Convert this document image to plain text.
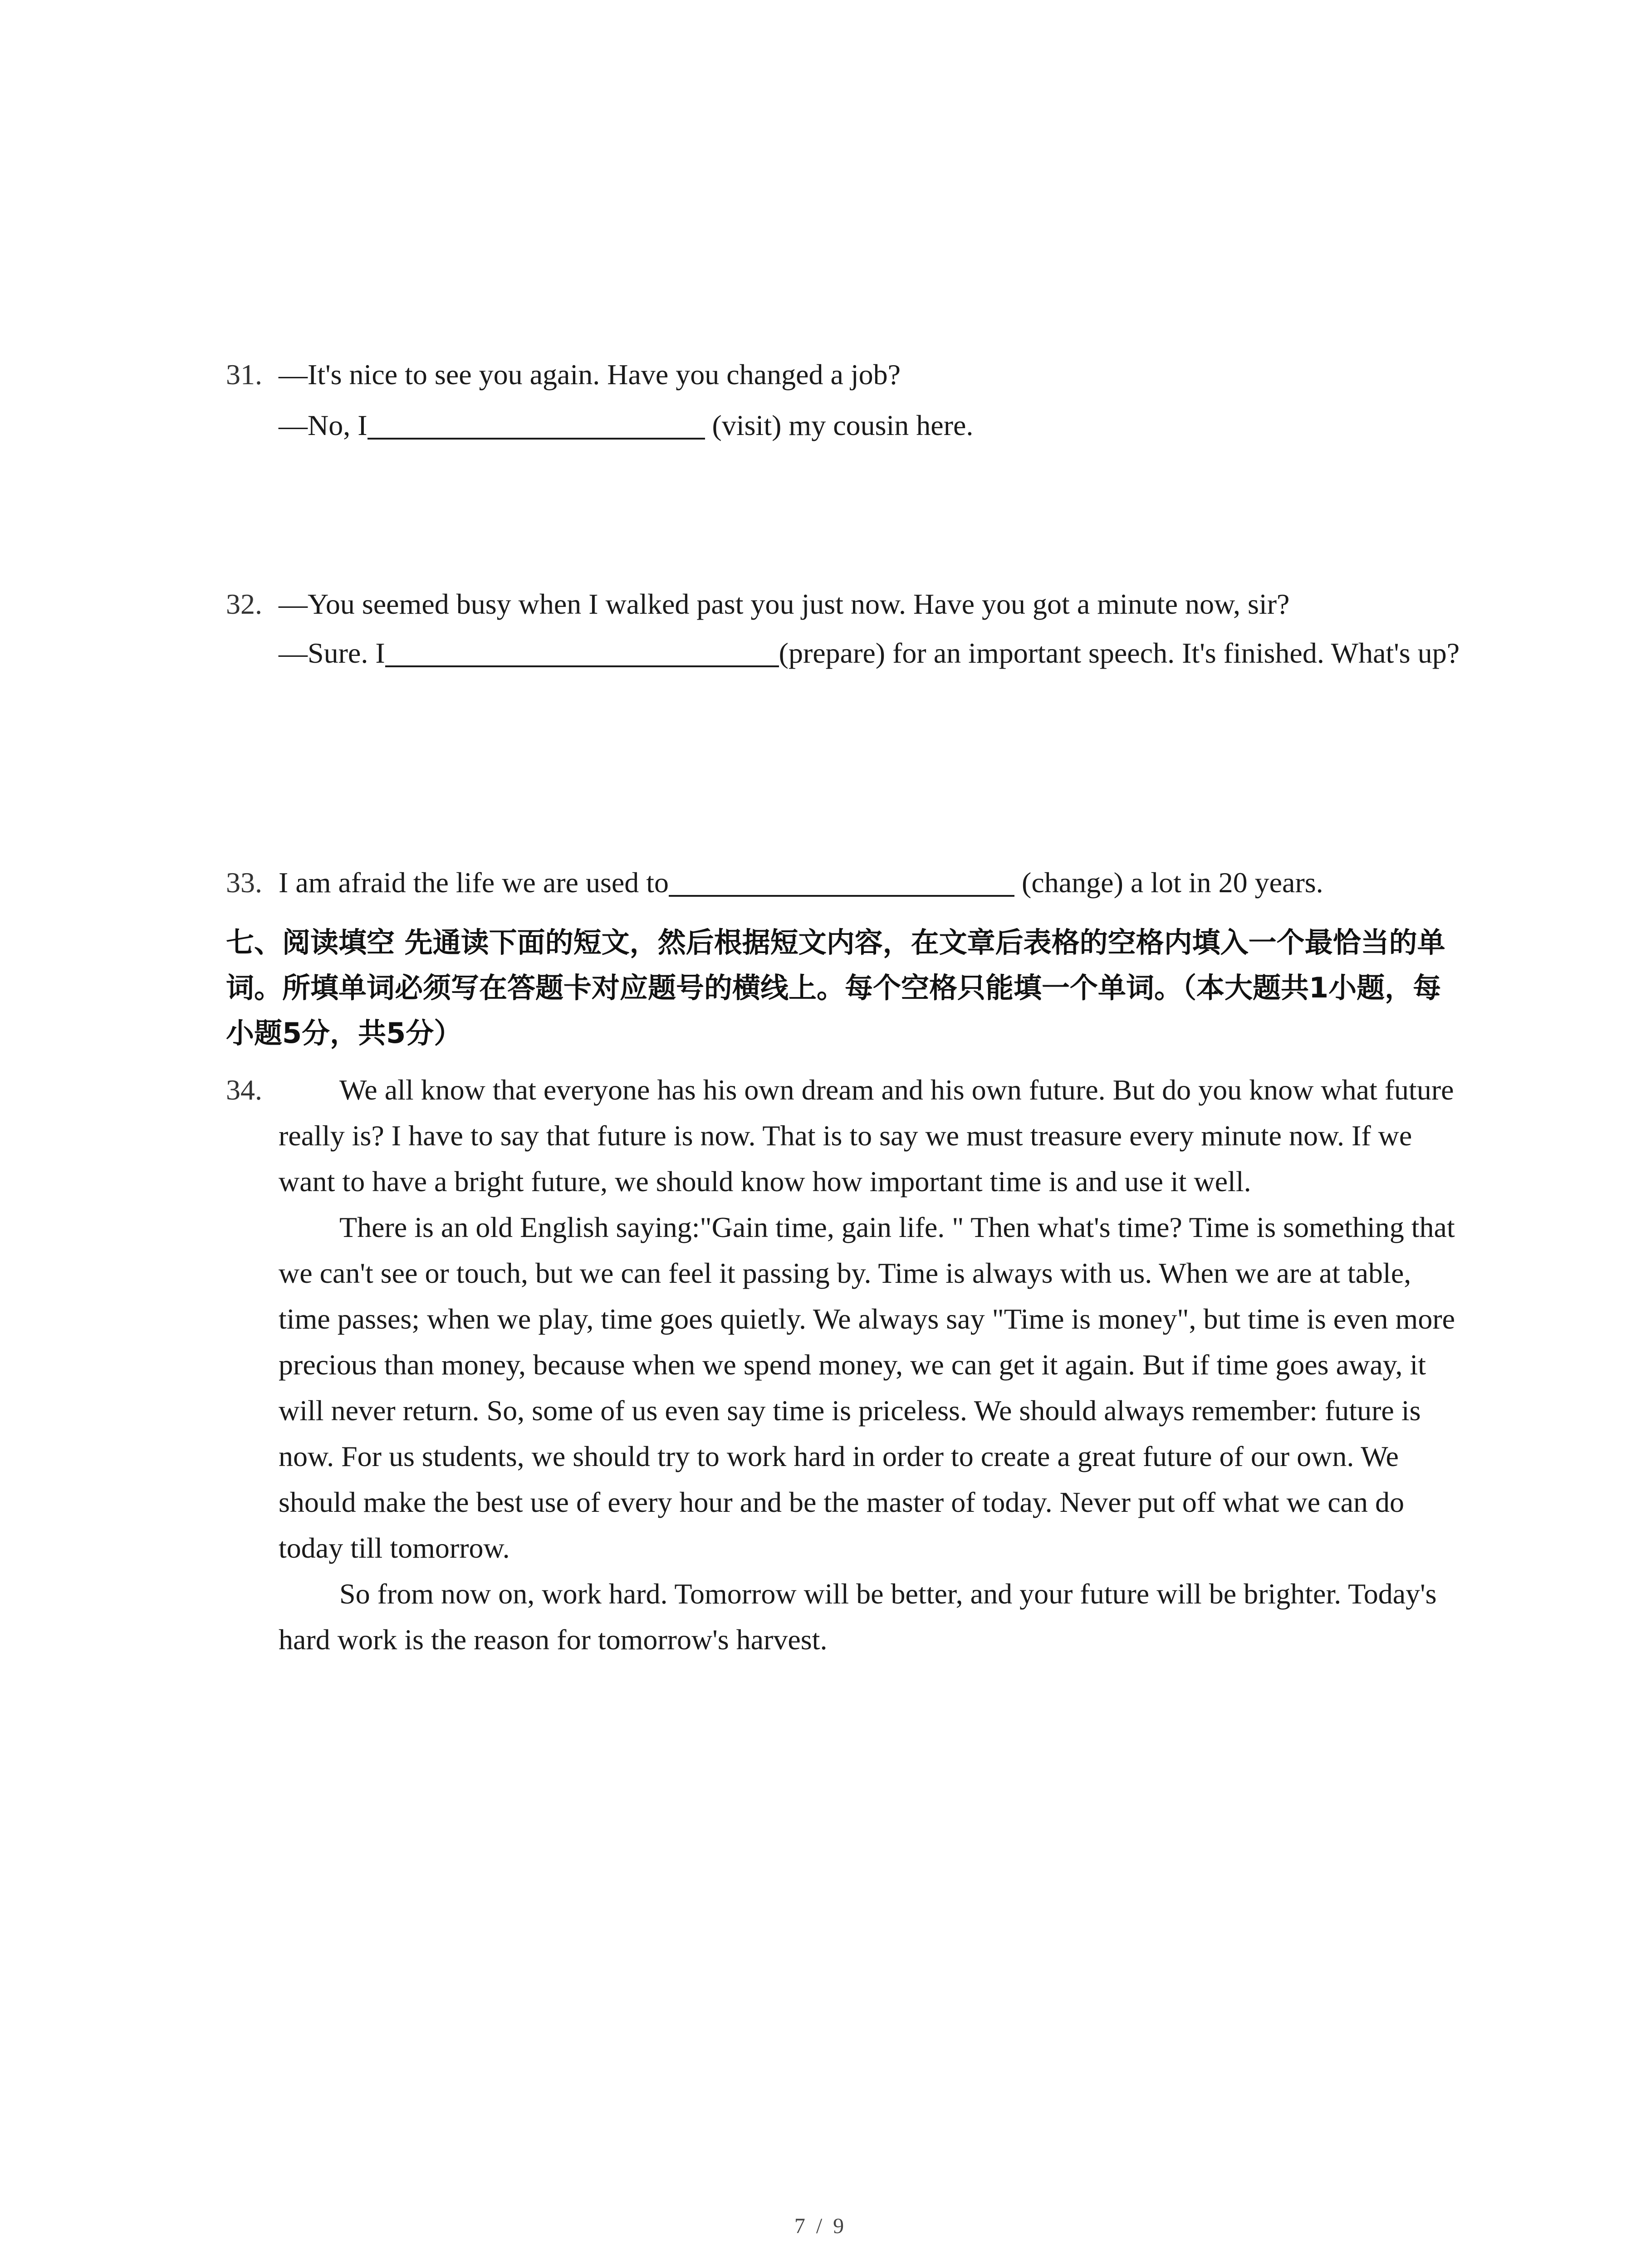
31. —It's nice to see you again. Have you changed a job?
—No, I	(visit) my cousin here.
32. —You seemed busy when I walked past you just now. Have you got a minute now, sir?
—Sure. I	(prepare) for an important speech. It's finished. What's up?
33. I am afraid the life we are used to	(change) a lot in 20 years.
七、阅读填空 先通读下面的短文，然后根据短文内容，在文章后表格的空格内填入一个最恰当的单词。所填单词必须写在答题卡对应题号的横线上。每个空格只能填一个单词。（本大题共1小题，每小题5分，共5分）
34.	We all know that everyone has his own dream and his own future. But do you know what future really is? I have to say that future is now. That is to say we must treasure every minute now. If we want to have a bright future, we should know how important time is and use it well.

There is an old English saying:"Gain time, gain life. " Then what's time? Time is something that we can't see or touch, but we can feel it passing by. Time is always with us. When we are at table, time passes; when we play, time goes quietly. We always say "Time is money", but time is even more precious than money, because when we spend money, we can get it again. But if time goes away, it will never return. So, some of us even say time is priceless. We should always remember: future is now. For us students, we should try to work hard in order to create a great future of our own. We should make the best use of every hour and be the master of today. Never put off what we can do today till tomorrow.

So from now on, work hard. Tomorrow will be better, and your future will be brighter. Today's hard work is the reason for tomorrow's harvest.

7 / 9
